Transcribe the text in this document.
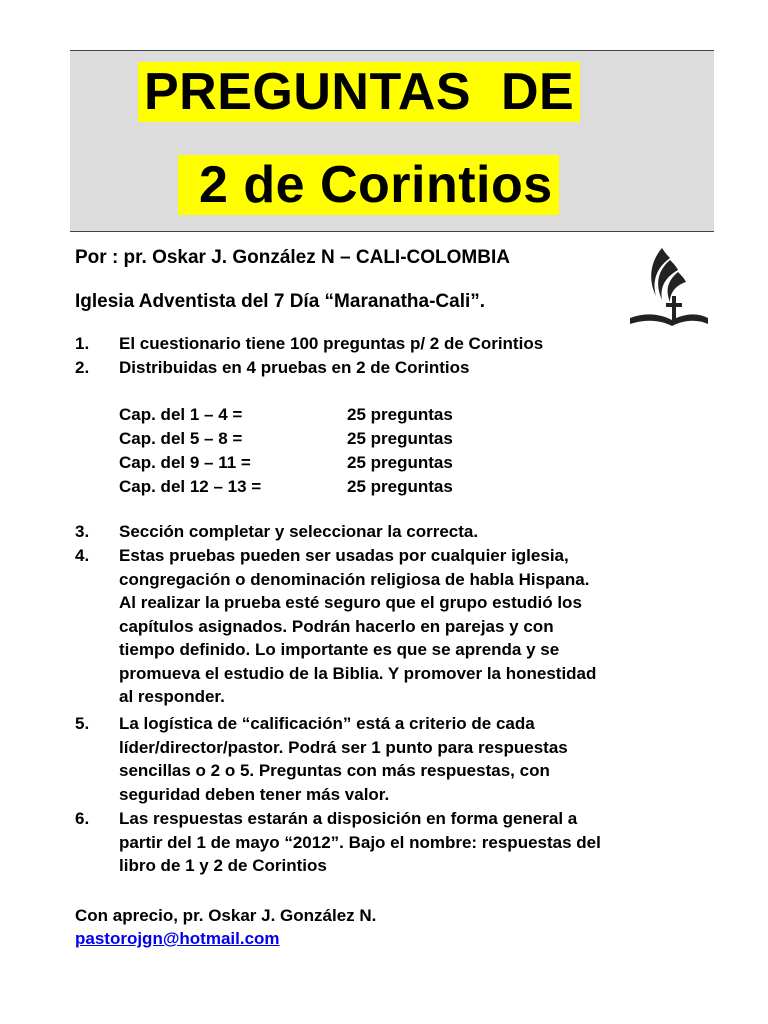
PREGUNTAS  DE
2 de Corintios
Por : pr. Oskar J. González N – CALI-COLOMBIA
Iglesia Adventista del 7 Día “Maranatha-Cali”.
1. El cuestionario tiene 100 preguntas p/ 2 de Corintios
2. Distribuidas en 4 pruebas en 2 de Corintios
Cap. del 1 – 4 =	25 preguntas
Cap. del 5 – 8 =	25 preguntas
Cap. del 9 – 11 =	25 preguntas
Cap. del 12 – 13 =	25 preguntas
3. Sección completar y seleccionar la correcta.
4. Estas pruebas pueden ser usadas por cualquier iglesia,
congregación o denominación religiosa de habla Hispana.
Al realizar la prueba esté seguro que el grupo estudió los
capítulos asignados. Podrán hacerlo en parejas y con
tiempo definido. Lo importante es que se aprenda y se
promueva el estudio de la Biblia. Y promover la honestidad
al responder.
5. La logística de “calificación” está a criterio de cada
líder/director/pastor. Podrá ser 1 punto para respuestas
sencillas o 2 o 5. Preguntas con más respuestas, con
seguridad deben tener más valor.
6. Las respuestas estarán a disposición en forma general a
partir del 1 de mayo “2012”. Bajo el nombre: respuestas del
libro de 1 y 2 de Corintios
Con aprecio, pr. Oskar J. González N.
pastorojgn@hotmail.com
